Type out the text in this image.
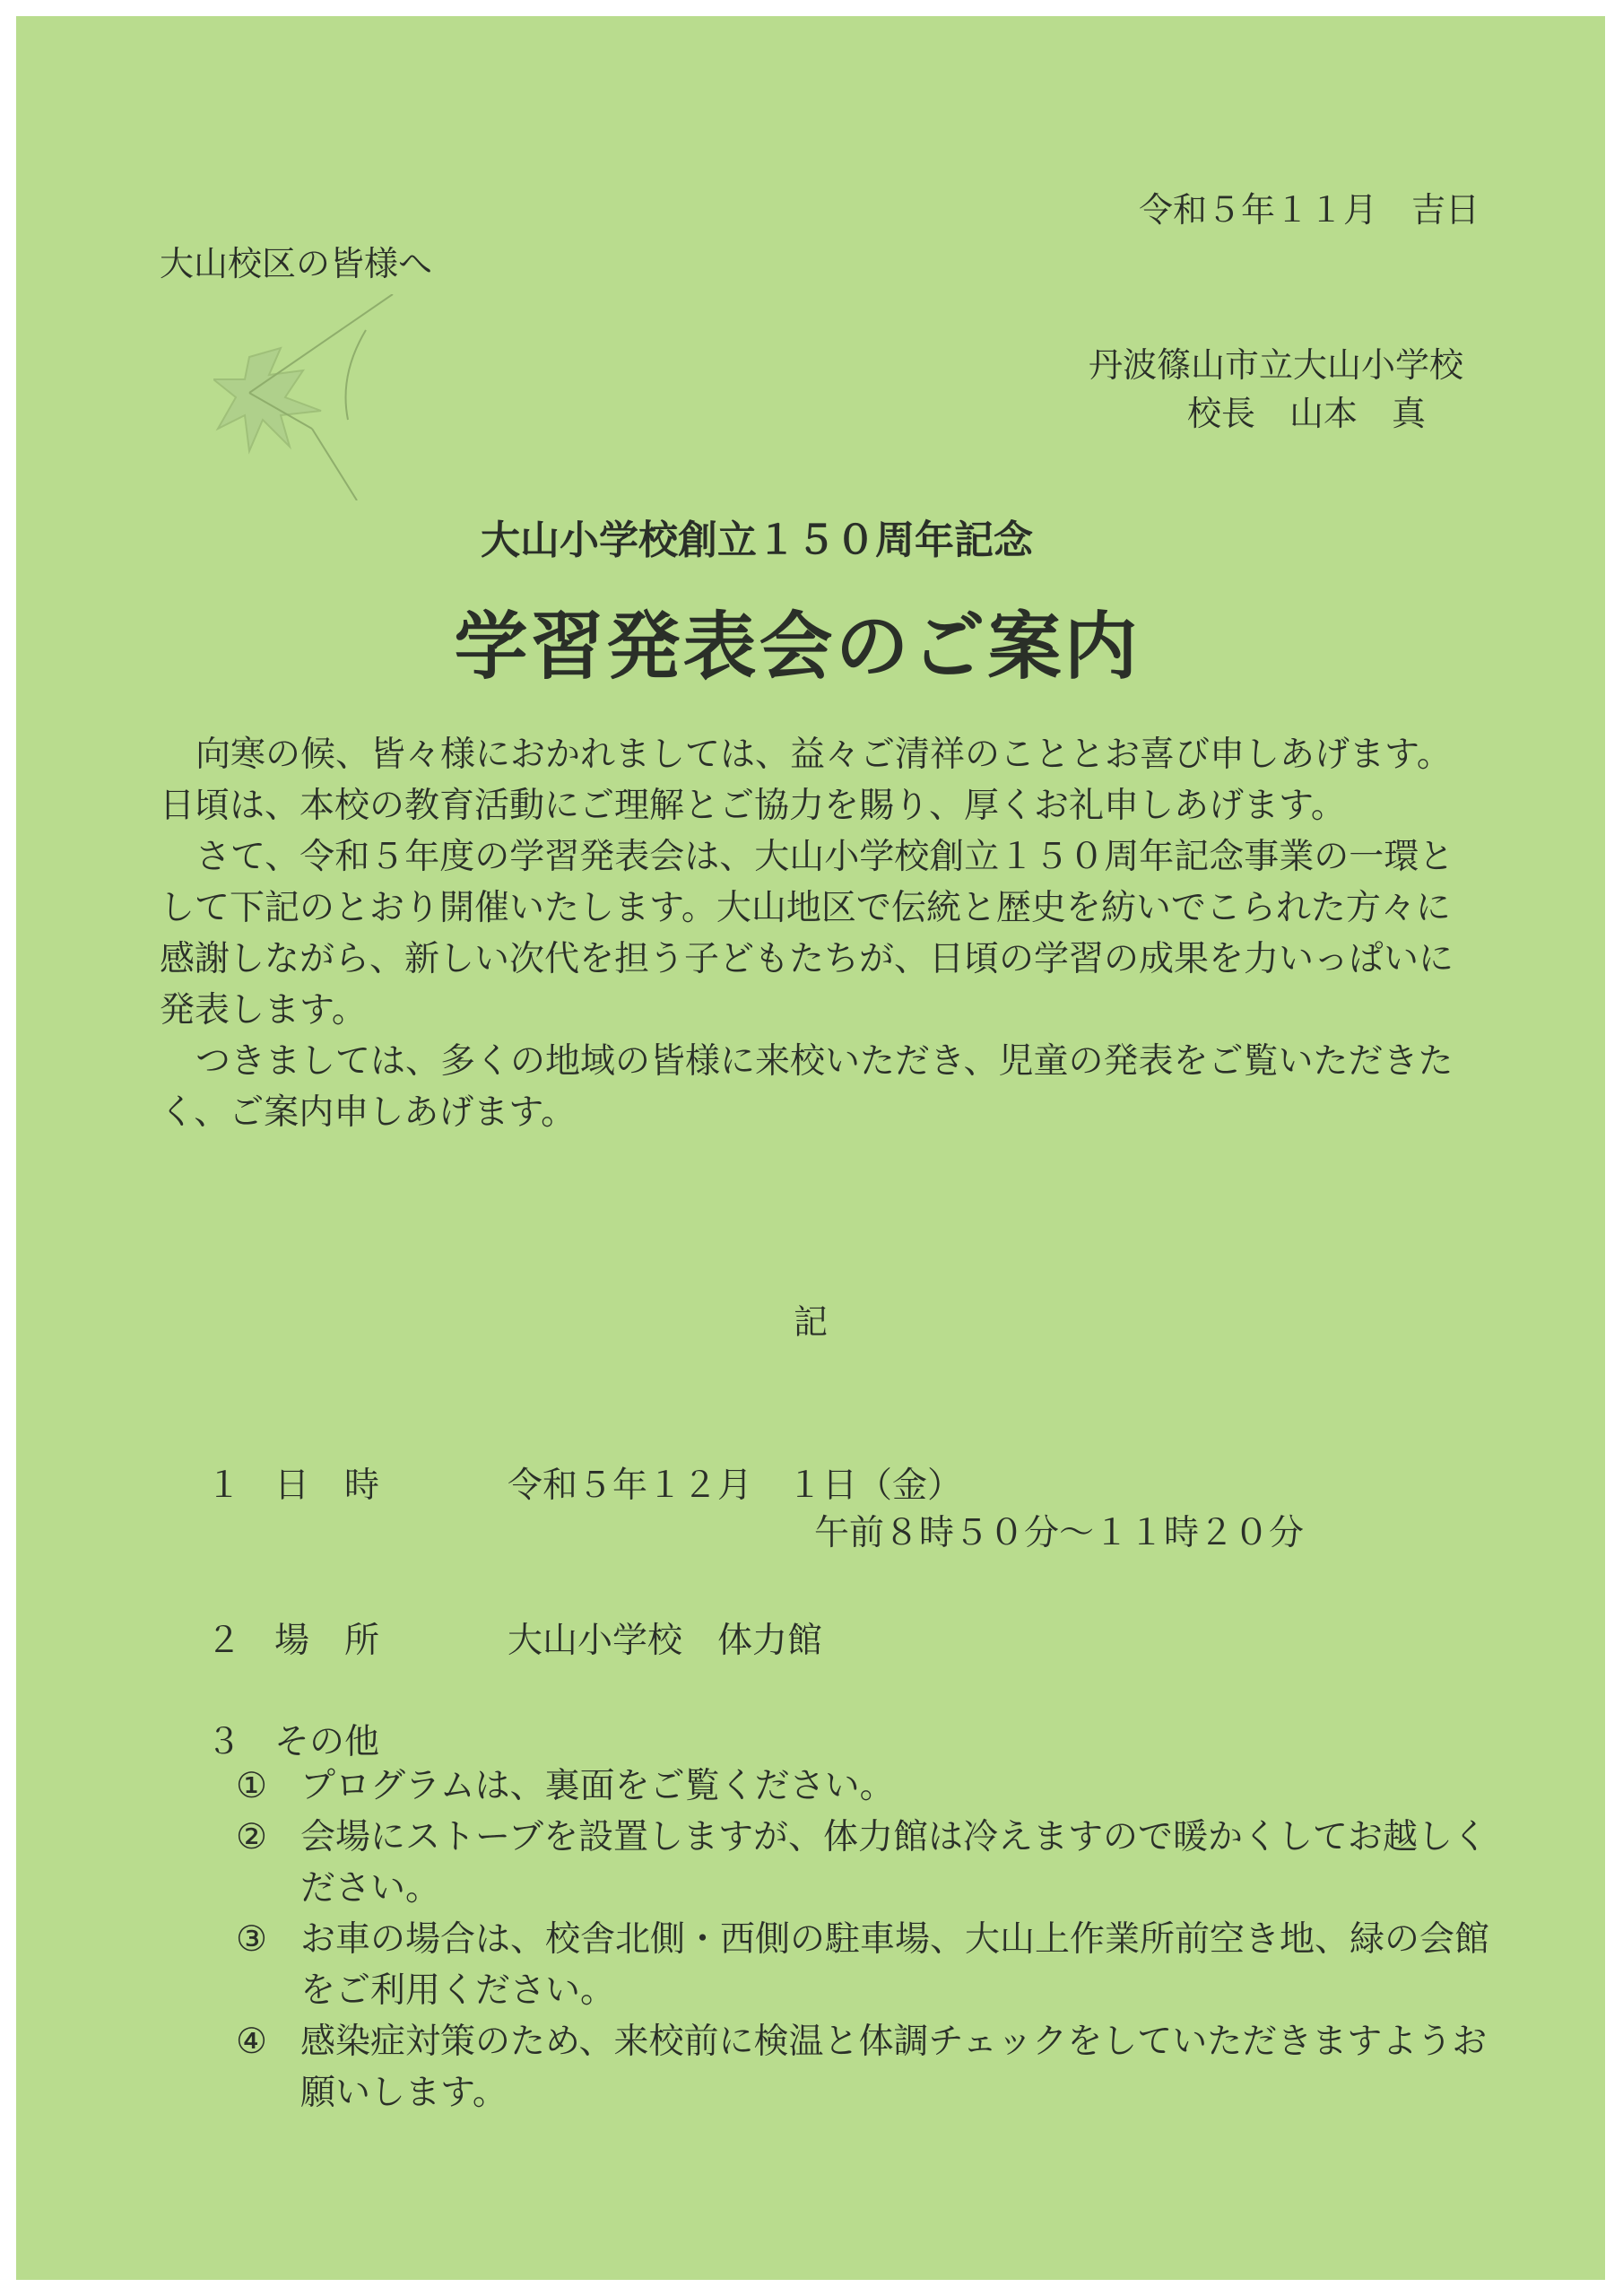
令和５年１１月　吉日
大山校区の皆様へ
丹波篠山市立大山小学校
校長　山本　真
大山小学校創立１５０周年記念
学習発表会のご案内

向寒の候、皆々様におかれましては、益々ご清祥のこととお喜び申しあげます。日頃は、本校の教育活動にご理解とご協力を賜り、厚くお礼申しあげます。

さて、令和５年度の学習発表会は、大山小学校創立１５０周年記念事業の一環として下記のとおり開催いたします。大山地区で伝統と歴史を紡いでこられた方々に感謝しながら、新しい次代を担う子どもたちが、日頃の学習の成果を力いっぱいに発表します。

つきましては、多くの地域の皆様に来校いただき、児童の発表をご覧いただきたく、ご案内申しあげます。

記
１ 日　時	令和５年１２月　１日（金）
午前８時５０分～１１時２０分
２ 場　所	大山小学校　体力館
３ その他
① プログラムは、裏面をご覧ください。
② 会場にストーブを設置しますが、体力館は冷えますので暖かくしてお越しください。
③ お車の場合は、校舎北側・西側の駐車場、大山上作業所前空き地、緑の会館をご利用ください。
④ 感染症対策のため、来校前に検温と体調チェックをしていただきますようお願いします。
